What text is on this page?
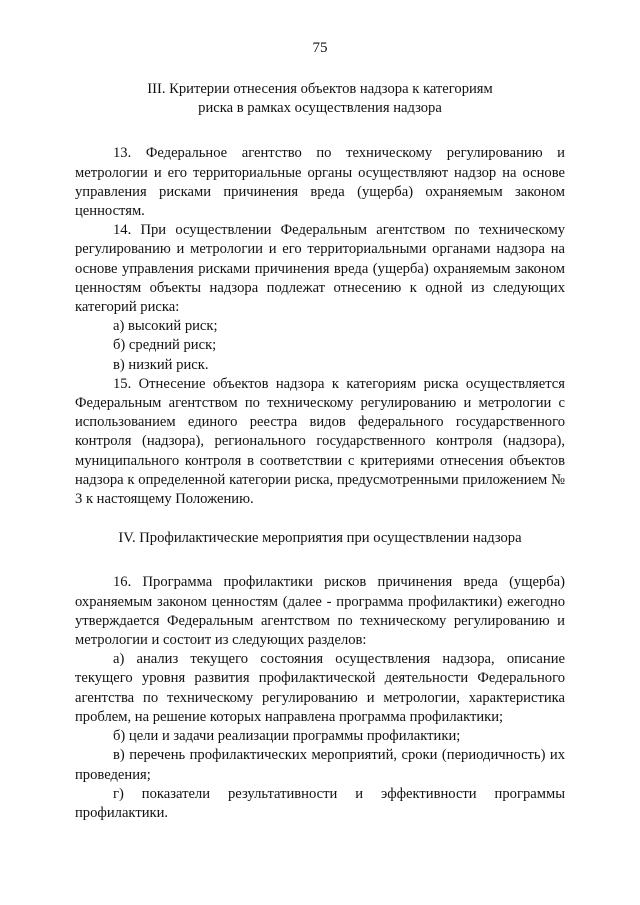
75
III. Критерии отнесения объектов надзора к категориям
риска в рамках осуществления надзора

13. Федеральное агентство по техническому регулированию и метрологии и его территориальные органы осуществляют надзор на основе управления рисками причинения вреда (ущерба) охраняемым законом ценностям.

14. При осуществлении Федеральным агентством по техническому регулированию и метрологии и его территориальными органами надзора на основе управления рисками причинения вреда (ущерба) охраняемым законом ценностям объекты надзора подлежат отнесению к одной из следующих категорий риска:

а) высокий риск;

б) средний риск;

в) низкий риск.

15. Отнесение объектов надзора к категориям риска осуществляется Федеральным агентством по техническому регулированию и метрологии с использованием единого реестра видов федерального государственного контроля (надзора), регионального государственного контроля (надзора), муниципального контроля в соответствии с критериями отнесения объектов надзора к определенной категории риска, предусмотренными приложением № 3 к настоящему Положению.

IV. Профилактические мероприятия при осуществлении надзора

16. Программа профилактики рисков причинения вреда (ущерба) охраняемым законом ценностям (далее - программа профилактики) ежегодно утверждается Федеральным агентством по техническому регулированию и метрологии и состоит из следующих разделов:

а) анализ текущего состояния осуществления надзора, описание текущего уровня развития профилактической деятельности Федерального агентства по техническому регулированию и метрологии, характеристика проблем, на решение которых направлена программа профилактики;

б) цели и задачи реализации программы профилактики;

в) перечень профилактических мероприятий, сроки (периодичность) их проведения;

г) показатели результативности и эффективности программы профилактики.
